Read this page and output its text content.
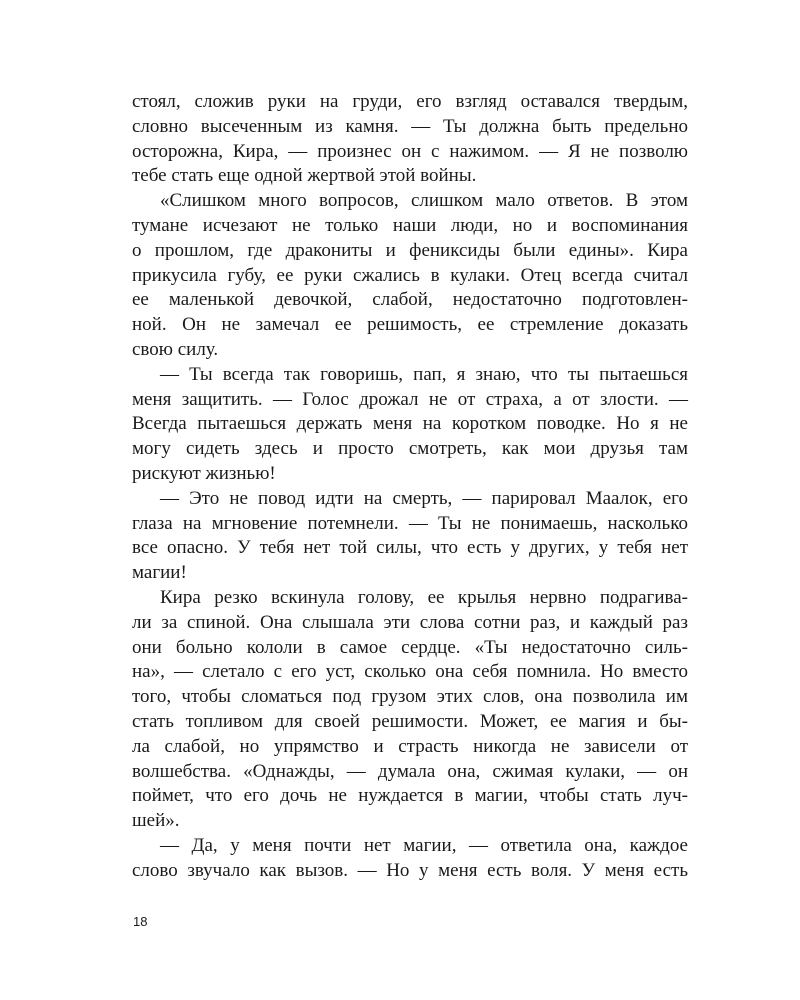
стоял, сложив руки на груди, его взгляд оставался твердым,
словно высеченным из камня. — Ты должна быть предельно
осторожна, Кира, — произнес он с нажимом. — Я не позволю
тебе стать еще одной жертвой этой войны.
«Слишком много вопросов, слишком мало ответов. В этом
тумане исчезают не только наши люди, но и воспоминания
о прошлом, где дракониты и фениксиды были едины». Кира
прикусила губу, ее руки сжались в кулаки. Отец всегда считал
ее маленькой девочкой, слабой, недостаточно подготовлен-
ной. Он не замечал ее решимость, ее стремление доказать
свою силу.
— Ты всегда так говоришь, пап, я знаю, что ты пытаешься
меня защитить. — Голос дрожал не от страха, а от злости. —
Всегда пытаешься держать меня на коротком поводке. Но я не
могу сидеть здесь и просто смотреть, как мои друзья там
рискуют жизнью!
— Это не повод идти на смерть, — парировал Маалок, его
глаза на мгновение потемнели. — Ты не понимаешь, насколько
все опасно. У тебя нет той силы, что есть у других, у тебя нет
магии!
Кира резко вскинула голову, ее крылья нервно подрагива-
ли за спиной. Она слышала эти слова сотни раз, и каждый раз
они больно кололи в самое сердце. «Ты недостаточно силь-
на», — слетало с его уст, сколько она себя помнила. Но вместо
того, чтобы сломаться под грузом этих слов, она позволила им
стать топливом для своей решимости. Может, ее магия и бы-
ла слабой, но упрямство и страсть никогда не зависели от
волшебства. «Однажды, — думала она, сжимая кулаки, — он
поймет, что его дочь не нуждается в магии, чтобы стать луч-
шей».
— Да, у меня почти нет магии, — ответила она, каждое
слово звучало как вызов. — Но у меня есть воля. У меня есть
18
